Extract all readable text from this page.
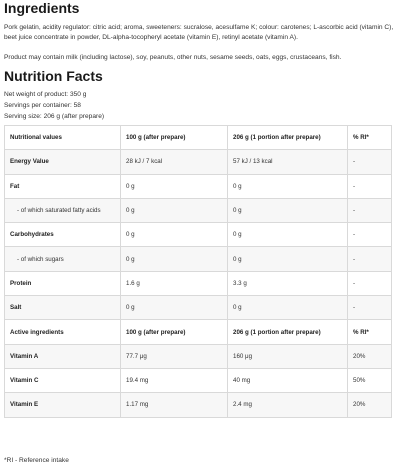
Ingredients
Pork gelatin, acidity regulator: citric acid; aroma, sweeteners: sucralose, acesulfame K; colour: carotenes; L-ascorbic acid (vitamin C), beet juice concentrate in powder, DL-alpha-tocopheryl acetate (vitamin E), retinyl acetate (vitamin A).
Product may contain milk (including lactose), soy, peanuts, other nuts, sesame seeds, oats, eggs, crustaceans, fish.
Nutrition Facts
Net weight of product: 350 g
Servings per container: 58
Serving size: 206 g (after prepare)
Nutritional values	100 g (after prepare)	206 g (1 portion after prepare)	% RI*
Energy Value	28 kJ / 7 kcal	57 kJ / 13 kcal	-
Fat	0 g	0 g	-
- of which saturated fatty acids	0 g	0 g	-
Carbohydrates	0 g	0 g	-
- of which sugars	0 g	0 g	-
Protein	1.6 g	3.3 g	-
Salt	0 g	0 g	-
Active ingredients	100 g (after prepare)	206 g (1 portion after prepare)	% RI*
Vitamin A	77.7 μg	160 μg	20%
Vitamin C	19.4 mg	40 mg	50%
Vitamin E	1.17 mg	2.4 mg	20%
*RI - Reference intake
